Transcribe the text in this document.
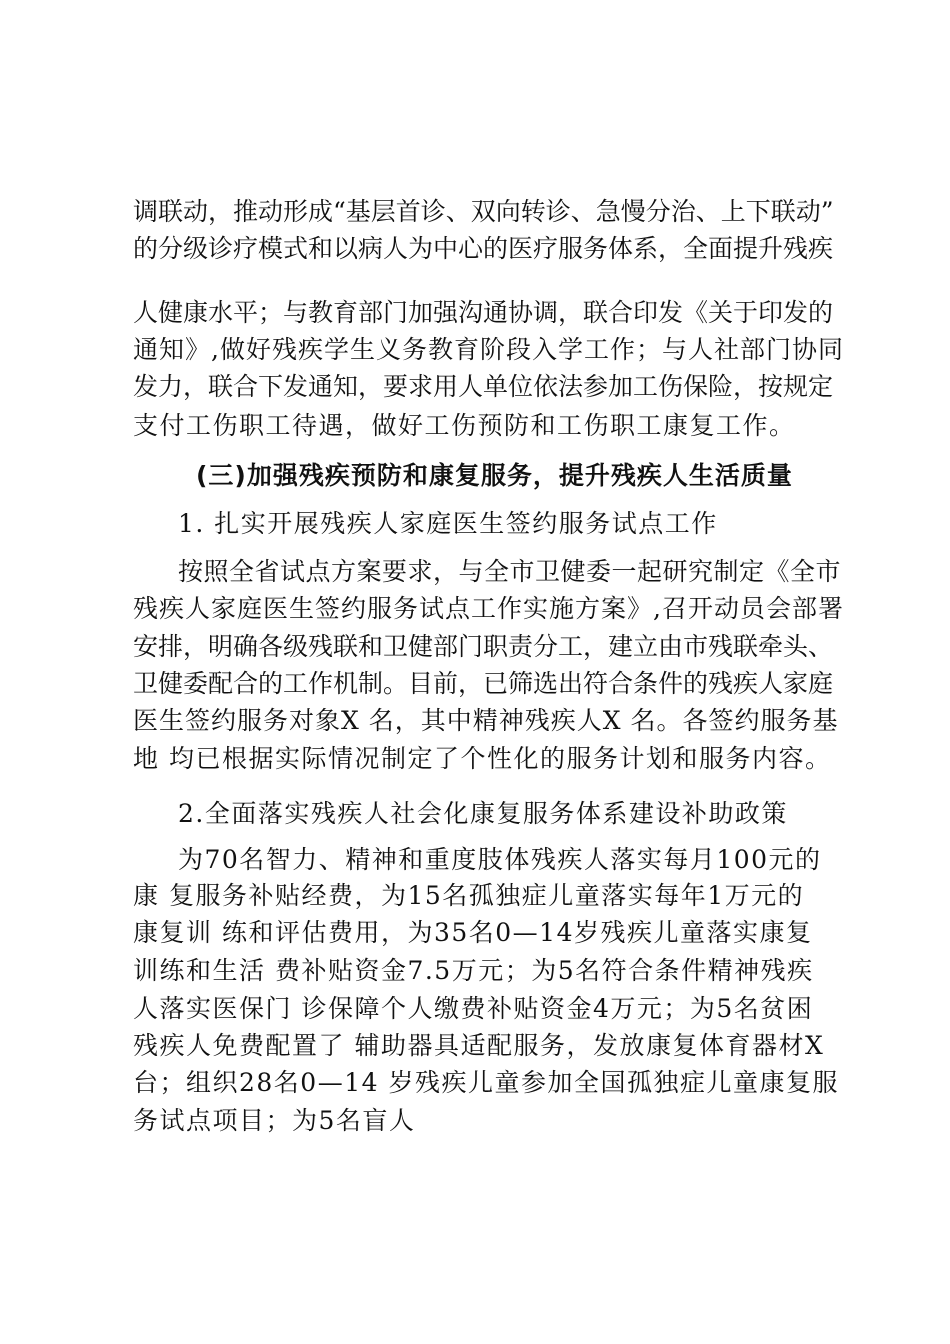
调联动，推动形成“基层首诊、双向转诊、急慢分治、上下联动”
的分级诊疗模式和以病人为中心的医疗服务体系，全面提升残疾
人健康水平；与教育部门加强沟通协调，联合印发《关于印发的
通知》,做好残疾学生义务教育阶段入学工作；与人社部门协同
发力，联合下发通知，要求用人单位依法参加工伤保险，按规定
支付工伤职工待遇，做好工伤预防和工伤职工康复工作。
(三)加强残疾预防和康复服务，提升残疾人生活质量
1. 扎实开展残疾人家庭医生签约服务试点工作
按照全省试点方案要求，与全市卫健委一起研究制定《全市
残疾人家庭医生签约服务试点工作实施方案》,召开动员会部署
安排，明确各级残联和卫健部门职责分工，建立由市残联牵头、
卫健委配合的工作机制。目前，已筛选出符合条件的残疾人家庭
医生签约服务对象X 名，其中精神残疾人X 名。各签约服务基
地 均已根据实际情况制定了个性化的服务计划和服务内容。
2.全面落实残疾人社会化康复服务体系建设补助政策
为70名智力、精神和重度肢体残疾人落实每月100元的
康 复服务补贴经费，为15名孤独症儿童落实每年1万元的
康复训 练和评估费用，为35名0—14岁残疾儿童落实康复
训练和生活 费补贴资金7.5万元；为5名符合条件精神残疾
人落实医保门 诊保障个人缴费补贴资金4万元；为5名贫困
残疾人免费配置了 辅助器具适配服务，发放康复体育器材X
台；组织28名0—14 岁残疾儿童参加全国孤独症儿童康复服
务试点项目；为5名盲人
